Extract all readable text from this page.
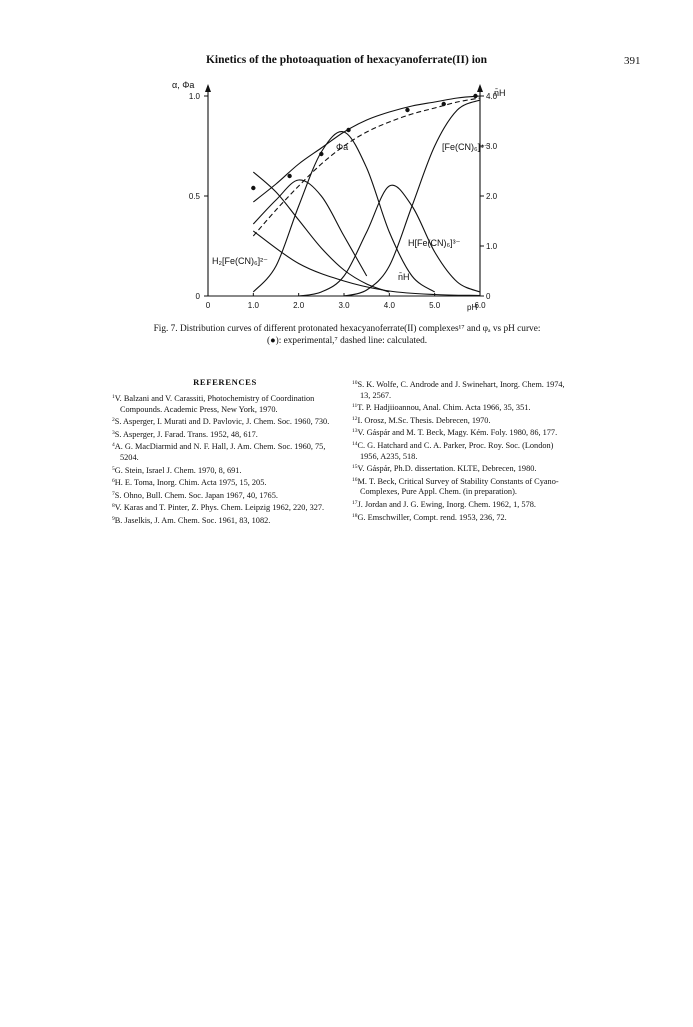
Kinetics of the photoaquation of hexacyanoferrate(II) ion	391
0	1.0	2.0	3.0	4.0	5.0	6.0
0
0.5
1.0
0
1.0
2.0
3.0
4.0
α, Φa
n̄H
H₂[Fe(CN)₆]²⁻
H[Fe(CN)₆]³⁻
[Fe(CN)₆]⁴⁻
Φa
n̄H
pH
Fig. 7. Distribution curves of different protonated hexacyanoferrate(II) complexes¹⁷ and φₐ vs pH curve:
(●): experimental,⁷ dashed line: calculated.
REFERENCES

$^1$V. Balzani and V. Carassiti, Photochemistry of Coordination
Compounds. Academic Press, New York, 1970.

$^2$S. Asperger, I. Murati and D. Pavlovic, J. Chem. Soc. 1960, 730.

$^3$S. Asperger, J. Farad. Trans. 1952, 48, 617.

$^4$A. G. MacDiarmid and N. F. Hall, J. Am. Chem. Soc. 1960, 75,
5204.

$^5$G. Stein, Israel J. Chem. 1970, 8, 691.

$^6$H. E. Toma, Inorg. Chim. Acta 1975, 15, 205.

$^7$S. Ohno, Bull. Chem. Soc. Japan 1967, 40, 1765.

$^8$V. Karas and T. Pinter, Z. Phys. Chem. Leipzig 1962, 220, 327.

$^9$B. Jaselkis, J. Am. Chem. Soc. 1961, 83, 1082.

$^{10}$S. K. Wolfe, C. Androde and J. Swinehart, Inorg. Chem. 1974,
13, 2567.

$^{11}$T. P. Hadjiioannou, Anal. Chim. Acta 1966, 35, 351.

$^{12}$I. Orosz, M.Sc. Thesis. Debrecen, 1970.

$^{13}$V. Gáspár and M. T. Beck, Magy. Kém. Foly. 1980, 86, 177.

$^{14}$C. G. Hatchard and C. A. Parker, Proc. Roy. Soc. (London)
1956, A235, 518.

$^{15}$V. Gáspár, Ph.D. dissertation. KLTE, Debrecen, 1980.

$^{16}$M. T. Beck, Critical Survey of Stability Constants of Cyano-
Complexes, Pure Appl. Chem. (in preparation).

$^{17}$J. Jordan and J. G. Ewing, Inorg. Chem. 1962, 1, 578.

$^{18}$G. Emschwiller, Compt. rend. 1953, 236, 72.
